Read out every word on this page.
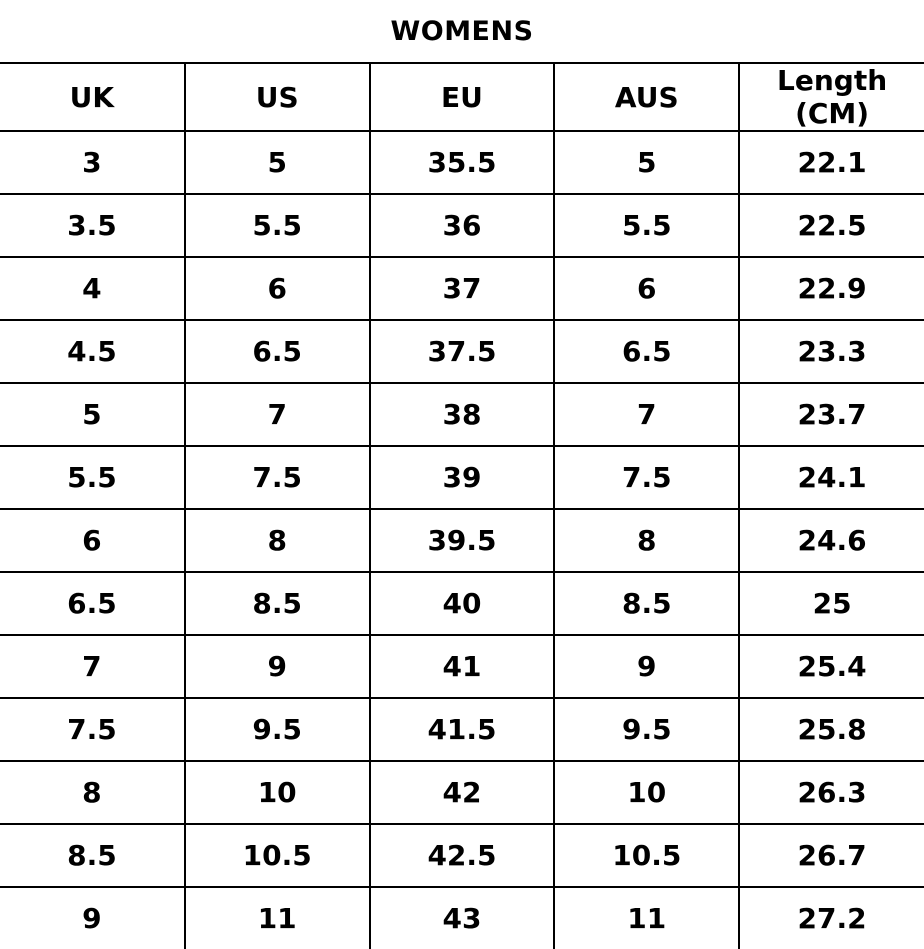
WOMENS				
UK	US	EU	AUS	Length (CM)
3	5	35.5	5	22.1
3.5	5.5	36	5.5	22.5
4	6	37	6	22.9
4.5	6.5	37.5	6.5	23.3
5	7	38	7	23.7
5.5	7.5	39	7.5	24.1
6	8	39.5	8	24.6
6.5	8.5	40	8.5	25
7	9	41	9	25.4
7.5	9.5	41.5	9.5	25.8
8	10	42	10	26.3
8.5	10.5	42.5	10.5	26.7
9	11	43	11	27.2
